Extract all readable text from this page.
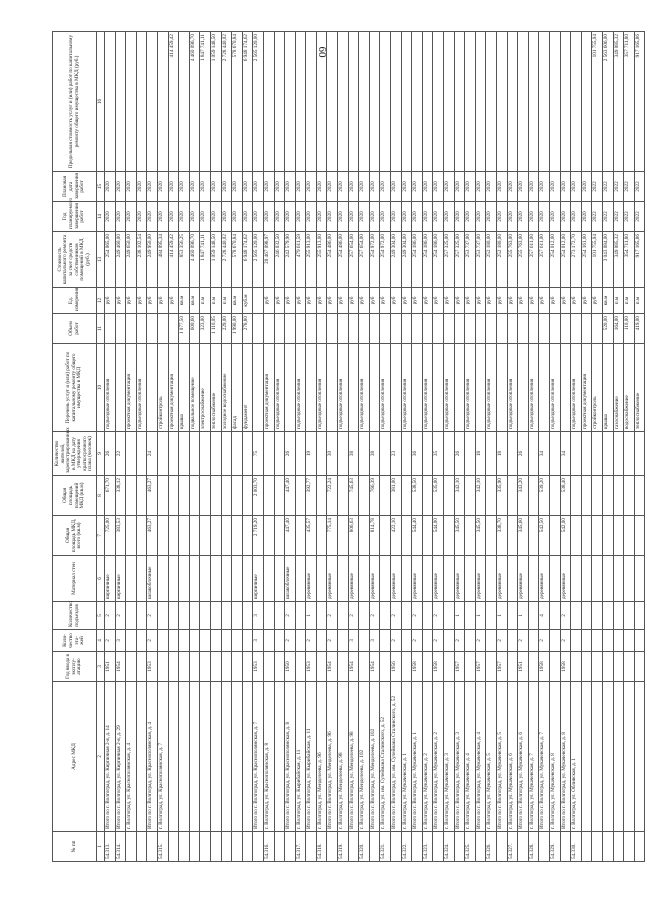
60
№ пп	Адрес МКД	Год ввода в эксплу-атацию	Коли-чество эта-жей	Количество подъездов	Материал стен	Общая площадь МКД, всего (кв.м)	Общая площадь помещений МКД (кв.м)	Количество жителей, зарегистрированных в МКД на дату утверждения краткосрочного плана (человек)	Перечень услуг и (или) работ по капитальному ремонту общего имущества в МКД	Объем работ	Ед. измерения	Стоимость капитального ремонта за счет средств собственников помещений в МКД (руб.)	Год планируемого завершения работ	Плановая дата завершения работ	Предельная стоимость услуг и (или) работ по капитальному ремонту общего имущества в МКД (руб.)
1	2	3	4	5	6	7	8	9	10	11	12	13	14	15	16
54.313.	Итого по г. Волгоград, ул. Кирпичная 2-я, д. 14	1951	2	2	кирпичные	725,00	671,70	26	подъездные отопления		руб	254 065,00	2020	2020	
54.314.	Итого по г. Волгоград, ул. Кирпичная 2-я, д. 29	1954	3	2	кирпичные	383,53	338,12	22			руб	249 460,00	2020	2020	
	г. Волгоград, ул. Краснополянская, д. 4								проектная документация		руб	249 650,00	2020	2020	
									подъездные отопления		руб	238 102,54	2020	2020	
	Итого по г. Волгоград, ул. Краснополянская, д. 4	1953	2	2	шлакоблочные	463,27	463,27	24			руб	249 950,00	2020	2020	
54.315.	г. Волгоград, ул. Краснополянская, д. 7								стройконтроль		руб	484 095,34	2020	2020	
									проектная документация		руб	414 459,42	2020	2020	414 459,42
									крыша	1 077,50	кв.м	853 356,25	2020	2020	
									подвальное помещение	600,60	кв.м	4 460 096,70	2020	2020	4 460 096,70
									электроснабжение	323,00	п.м	1 847 741,11	2020	2020	1 847 741,11
									теплоснабжение	1 110,05	п.м	1 059 148,50	2020	2020	1 059 148,50
									холодное водоснабжение	229,00	п.м	2 728 440,02	2020	2020	2 728 440,02
									фасад	1 990,00	кв.м	578 670,84	2020	2020	578 670,84
									фундамент	278,80	куб.м	6 948 174,62	2020	2020	6 948 174,62
	Итого по г. Волгоград, ул. Краснополянская, д. 7	1953	3	3	кирпичные	2 719,20	2 003,70	75				2 565 120,00	2020	2020	2 565 120,00
54.316.	г. Волгоград, ул. Краснополянская, д. 8								проектная документация		руб	20 467 098,97	2020	2020	
									подъездные отопления		руб	246 032,50	2020	2020	
	Итого по г. Волгоград, ул. Краснополянская, д. 8	1950	2	2	шлакоблочные	447,40	447,40	26			руб	242 579,90	2020	2020	
54.317.	г. Волгоград, ул. Кырибайская, д. 11								подъездные отопления		руб	479 611,59	2020	2020	
	Итого по г. Волгоград, ул. Кырибайская, д. 11	1953	2	1	деревянные	435,57	392,77	19			руб	255 913,00	2020	2020	
54.318.	г. Волгоград, ул. Менделеева, д. 96								подъездные отопления		руб	255 913,00	2020	2020	
	Итого по г. Волгоград, ул. Менделеева, д. 96	1954	2	2	деревянные	775,14	722,24	30			руб	254 486,00	2020	2020	
54.319.	г. Волгоград, ул. Менделеева, д. 98								подъездные отопления		руб	254 486,00	2020	2020	
	Итого по г. Волгоград, ул. Менделеева, д. 98	1954	3	2	деревянные	806,63	745,63	38			руб	257 654,00	2020	2020	
54.320.	г. Волгоград, ул. Менделеева, д. 102								подъездные отопления		руб	257 654,00	2020	2020	
	Итого по г. Волгоград, ул. Менделеева, д. 102	1954	3	2	деревянные	814,78	766,39	38			руб	254 972,00	2020	2020	
54.321.	г. Волгоград, ул. им. Сулейманa Сталинского, д. 52								подъездные отопления		руб	254 972,00	2020	2020	
	Итого по г. Волгоград, ул. им. Сулейманa Сталинского, д. 52	1956	2	2	деревянные	422,10	381,00	23			руб	249 304,00	2020	2020	
54.322.	г. Волгоград, ул. Мукачевская, д. 1								подъездные отопления		руб	249 304,00	2020	2020	
	Итого по г. Волгоград, ул. Мукачевская, д. 1	1958	2	2	деревянные	544,40	538,50	36			руб	254 186,00	2020	2020	
54.323.	г. Волгоград, ул. Мукачевская, д. 2								подъездные отопления		руб	254 186,00	2020	2020	
	Итого по г. Волгоград, ул. Мукачевская, д. 2	1958	2	2	деревянные	544,00	535,00	35			руб	254 186,00	2020	2020	
54.324.	г. Волгоград, ул. Мукачевская, д. 3								подъездные отопления		руб	257 325,00	2020	2020	
	Итого по г. Волгоград, ул. Мукачевская, д. 3	1957	2	1	деревянные	345,50	342,10	26			руб	257 325,00	2020	2020	
54.325.	г. Волгоград, ул. Мукачевская, д. 4								подъездные отопления		руб	253 737,00	2020	2020	
	Итого по г. Волгоград, ул. Мукачевская, д. 4	1957	2	1	деревянные	345,50	342,10	18			руб	253 737,00	2020	2020	
54.326.	г. Волгоград, ул. Мукачевская, д. 5								подъездные отопления		руб	252 180,00	2020	2020	
	Итого по г. Волгоград, ул. Мукачевская, д. 5	1957	2	1	деревянные	338,70	335,90	18			руб	252 180,00	2020	2020	
54.327.	г. Волгоград, ул. Мукачевская, д. 6								подъездные отопления		руб	255 763,00	2020	2020	
	Итого по г. Волгоград, ул. Мукачевская, д. 6	1951	2	1	деревянные	345,60	343,20	26			руб	255 763,00	2020	2020	
54.328.	г. Волгоград, ул. Мукачевская, д. 7								подъездные отопления		руб	257 611,00	2020	2020	
	Итого по г. Волгоград, ул. Мукачевская, д. 7	1958	2	4	деревянные	542,50	539,20	34			руб	257 611,00	2020	2020	
54.329.	г. Волгоград, ул. Мукачевская, д. 8								подъездные отопления		руб	254 012,00	2020	2020	
	Итого по г. Волгоград, ул. Мукачевская, д. 8	1958	2	2	деревянные	542,00	538,40	34			руб	254 012,00	2020	2020	
54.330.	г. Волгоград, ул. Обливская, д. 1								подъездные отопления		руб	273 172,70	2020	2020	
									проектная документация		руб	254 161,00	2020	2020	
									стройконтроль		руб	101 755,04	2022	2022	101 755,04
									крыша	520,00	кв.м	3 043 084,00	2022	2022	2 563 606,00
									газоснабжение	164,00	п.м	349 085,32	2022	2022	349 085,32
									водоснабжение	110,00	п.м	354 711,80	2022	2022	357 711,80
									теплоснабжение	419,00	п.м	917 165,86	2022	2022	917 165,86
